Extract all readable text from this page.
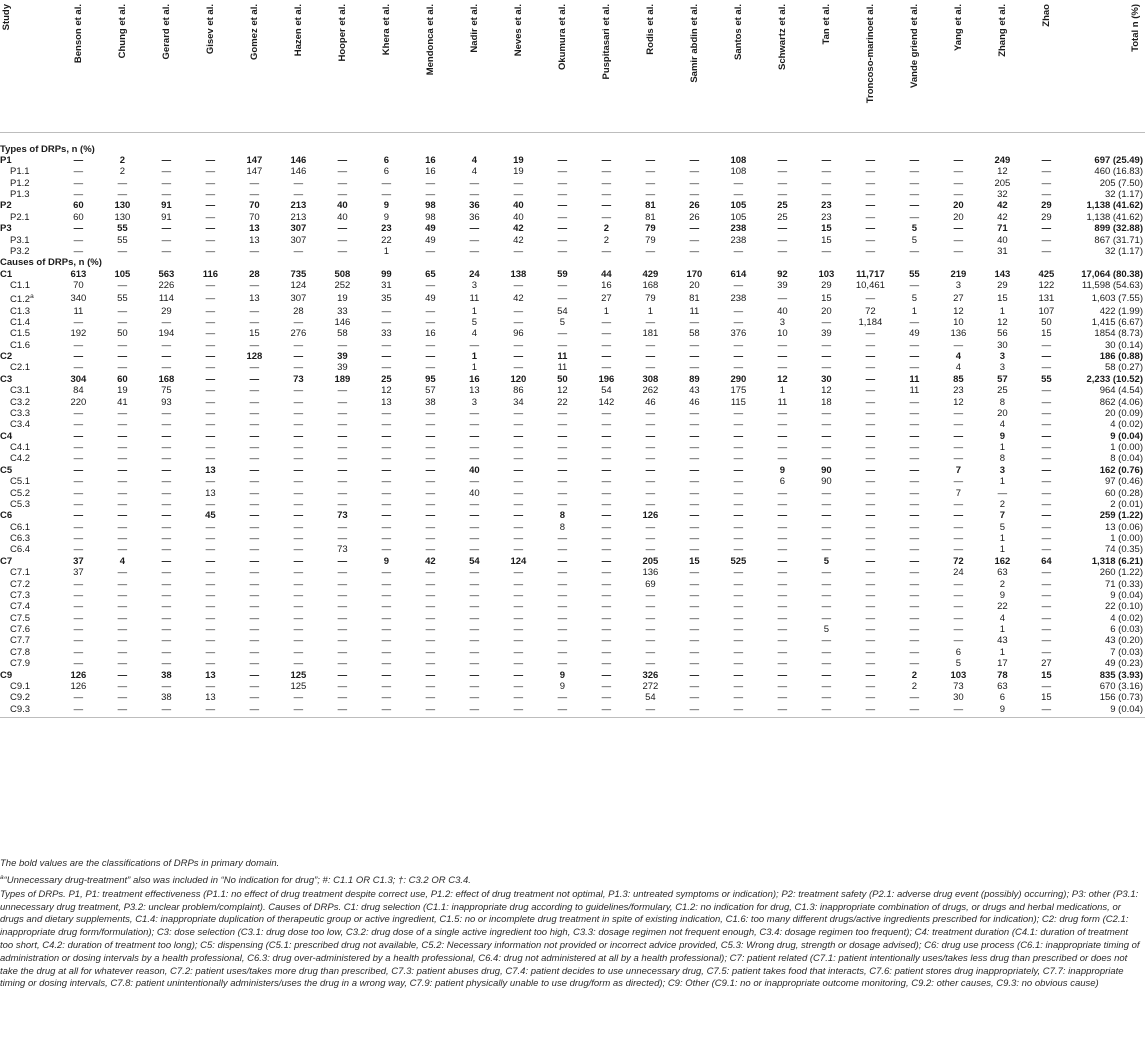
Study	Benson et al.	Chung et al.	Gerard et al.	Gisev et al.	Gomez et al.	Hazen et al.	Hooper et al.	Khera et al.	Mendonca et al.	Nadir et al.	Neves et al.	Okumura et al.	Puspitasari et al.	Rodis et al.	Samir abdin et al.	Santos et al.	Schwartz et al.	Tan et al.	Troncoso-marinoet al.	Vande griend et al.	Yang et al.	Zhang et al.	Zhao	Total n (%)

Types of DRPs, n (%)																								
P1	—	2	—	—	147	146	—	6	16	4	19	—	—	—	—	108	—	—	—	—	—	249	—	697 (25.49)
P1.1	—	2	—	—	147	146	—	6	16	4	19	—	—	—	—	108	—	—	—	—	—	12	—	460 (16.83)
P1.2	—	—	—	—	—	—	—	—	—	—	—	—	—	—	—	—	—	—	—	—	—	205	—	205 (7.50)
P1.3	—	—	—	—	—	—	—	—	—	—	—	—	—	—	—	—	—	—	—	—	—	32	—	32 (1.17)
P2	60	130	91	—	70	213	40	9	98	36	40	—	—	81	26	105	25	23	—	—	20	42	29	1,138 (41.62)
P2.1	60	130	91	—	70	213	40	9	98	36	40	—	—	81	26	105	25	23	—	—	20	42	29	1,138 (41.62)
P3	—	55	—	—	13	307	—	23	49	—	42	—	2	79	—	238	—	15	—	5	—	71	—	899 (32.88)
P3.1	—	55	—	—	13	307	—	22	49	—	42	—	2	79	—	238	—	15	—	5	—	40	—	867 (31.71)
P3.2	—	—	—	—	—	—	—	1	—	—	—	—	—	—	—	—	—	—	—	—	—	31	—	32 (1.17)
Causes of DRPs, n (%)																								
C1	613	105	563	116	28	735	508	99	65	24	138	59	44	429	170	614	92	103	11,717	55	219	143	425	17,064 (80.38)
C1.1	70	—	226	—	—	124	252	31	—	3	—	—	16	168	20	—	39	29	10,461	—	3	29	122	11,598 (54.63)
C1.2$^a$	340	55	114	—	13	307	19	35	49	11	42	—	27	79	81	238	—	15	—	5	27	15	131	1,603 (7.55)
C1.3	11	—	29	—	—	28	33	—	—	1	—	54	1	1	11	—	40	20	72	1	12	1	107	422 (1.99)
C1.4	—	—	—	—	—	—	146	—	—	5	—	5	—	—	—	—	3	—	1,184	—	10	12	50	1,415 (6.67)
C1.5	192	50	194	—	15	276	58	33	16	4	96	—	—	181	58	376	10	39	—	49	136	56	15	1854 (8.73)
C1.6	—	—	—	—	—	—	—	—	—	—	—	—	—	—	—	—	—	—	—	—	—	30	—	30 (0.14)
C2	—	—	—	—	128	—	39	—	—	1	—	11	—	—	—	—	—	—	—	—	4	3	—	186 (0.88)
C2.1	—	—	—	—	—	—	39	—	—	1	—	11	—	—	—	—	—	—	—	—	4	3	—	58 (0.27)
C3	304	60	168	—	—	73	189	25	95	16	120	50	196	308	89	290	12	30	—	11	85	57	55	2,233 (10.52)
C3.1	84	19	75	—	—	—	—	12	57	13	86	12	54	262	43	175	1	12	—	11	23	25	—	964 (4.54)
C3.2	220	41	93	—	—	—	—	13	38	3	34	22	142	46	46	115	11	18	—	—	12	8	—	862 (4.06)
C3.3	—	—	—	—	—	—	—	—	—	—	—	—	—	—	—	—	—	—	—	—	—	20	—	20 (0.09)
C3.4	—	—	—	—	—	—	—	—	—	—	—	—	—	—	—	—	—	—	—	—	—	4	—	4 (0.02)
C4	—	—	—	—	—	—	—	—	—	—	—	—	—	—	—	—	—	—	—	—	—	9	—	9 (0.04)
C4.1	—	—	—	—	—	—	—	—	—	—	—	—	—	—	—	—	—	—	—	—	—	1	—	1 (0.00)
C4.2	—	—	—	—	—	—	—	—	—	—	—	—	—	—	—	—	—	—	—	—	—	8	—	8 (0.04)
C5	—	—	—	13	—	—	—	—	—	40	—	—	—	—	—	—	9	90	—	—	7	3	—	162 (0.76)
C5.1	—	—	—	—	—	—	—	—	—	—	—	—	—	—	—	—	6	90	—	—	—	1	—	97 (0.46)
C5.2	—	—	—	13	—	—	—	—	—	40	—	—	—	—	—	—	—	—	—	—	7	—	—	60 (0.28)
C5.3	—	—	—	—	—	—	—	—	—	—	—	—	—	—	—	—	—	—	—	—	—	2	—	2 (0.01)
C6	—	—	—	45	—	—	73	—	—	—	—	8	—	126	—	—	—	—	—	—	—	7	—	259 (1.22)
C6.1	—	—	—	—	—	—	—	—	—	—	—	8	—	—	—	—	—	—	—	—	—	5	—	13 (0.06)
C6.3	—	—	—	—	—	—	—	—	—	—	—	—	—	—	—	—	—	—	—	—	—	1	—	1 (0.00)
C6.4	—	—	—	—	—	—	73	—	—	—	—	—	—	—	—	—	—	—	—	—	—	1	—	74 (0.35)
C7	37	4	—	—	—	—	—	9	42	54	124	—	—	205	15	525	—	5	—	—	72	162	64	1,318 (6.21)
C7.1	37	—	—	—	—	—	—	—	—	—	—	—	—	136	—	—	—	—	—	—	24	63	—	260 (1.22)
C7.2	—	—	—	—	—	—	—	—	—	—	—	—	—	69	—	—	—	—	—	—	—	2	—	71 (0.33)
C7.3	—	—	—	—	—	—	—	—	—	—	—	—	—	—	—	—	—	—	—	—	—	9	—	9 (0.04)
C7.4	—	—	—	—	—	—	—	—	—	—	—	—	—	—	—	—	—	—	—	—	—	22	—	22 (0.10)
C7.5	—	—	—	—	—	—	—	—	—	—	—	—	—	—	—	—	—	—	—	—	—	4	—	4 (0.02)
C7.6	—	—	—	—	—	—	—	—	—	—	—	—	—	—	—	—	—	5	—	—	—	1	—	6 (0.03)
C7.7	—	—	—	—	—	—	—	—	—	—	—	—	—	—	—	—	—	—	—	—	—	43	—	43 (0.20)
C7.8	—	—	—	—	—	—	—	—	—	—	—	—	—	—	—	—	—	—	—	—	6	1	—	7 (0.03)
C7.9	—	—	—	—	—	—	—	—	—	—	—	—	—	—	—	—	—	—	—	—	5	17	27	49 (0.23)
C9	126	—	38	13	—	125	—	—	—	—	—	9	—	326	—	—	—	—	—	2	103	78	15	835 (3.93)
C9.1	126	—	—	—	—	125	—	—	—	—	—	9	—	272	—	—	—	—	—	2	73	63	—	670 (3.16)
C9.2	—	—	38	13	—	—	—	—	—	—	—	—	—	54	—	—	—	—	—	—	30	6	15	156 (0.73)
C9.3	—	—	—	—	—	—	—	—	—	—	—	—	—	—	—	—	—	—	—	—	—	9	—	9 (0.04)

The bold values are the classifications of DRPs in primary domain.

$^a$“Unnecessary drug-treatment” also was included in “No indication for drug”; #: C1.1 OR C1.3; †: C3.2 OR C3.4.

Types of DRPs. P1, P1: treatment effectiveness (P1.1: no effect of drug treatment despite correct use, P1.2: effect of drug treatment not optimal, P1.3: untreated symptoms or indication); P2: treatment safety (P2.1: adverse drug event (possibly) occurring); P3: other (P3.1: unnecessary drug treatment, P3.2: unclear problem/complaint). Causes of DRPs. C1: drug selection (C1.1: inappropriate drug according to guidelines/formulary, C1.2: no indication for drug, C1.3: inappropriate combination of drugs, or drugs and herbal medications, or drugs and dietary supplements, C1.4: inappropriate duplication of therapeutic group or active ingredient, C1.5: no or incomplete drug treatment in spite of existing indication, C1.6: too many different drugs/active ingredients prescribed for indication); C2: drug form (C2.1: inappropriate drug form/formulation); C3: dose selection (C3.1: drug dose too low, C3.2: drug dose of a single active ingredient too high, C3.3: dosage regimen not frequent enough, C3.4: dosage regimen too frequent); C4: treatment duration (C4.1: duration of treatment too short, C4.2: duration of treatment too long); C5: dispensing (C5.1: prescribed drug not available, C5.2: Necessary information not provided or incorrect advice provided, C5.3: Wrong drug, strength or dosage advised); C6: drug use process (C6.1: inappropriate timing of administration or dosing intervals by a health professional, C6.3: drug over-administered by a health professional, C6.4: drug not administered at all by a health professional); C7: patient related (C7.1: patient intentionally uses/takes less drug than prescribed or does not take the drug at all for whatever reason, C7.2: patient uses/takes more drug than prescribed, C7.3: patient abuses drug, C7.4: patient decides to use unnecessary drug, C7.5: patient takes food that interacts, C7.6: patient stores drug inappropriately, C7.7: inappropriate timing or dosing intervals, C7.8: patient unintentionally administers/uses the drug in a wrong way, C7.9: patient physically unable to use drug/form as directed); C9: Other (C9.1: no or inappropriate outcome monitoring, C9.2: other causes, C9.3: no obvious cause)
